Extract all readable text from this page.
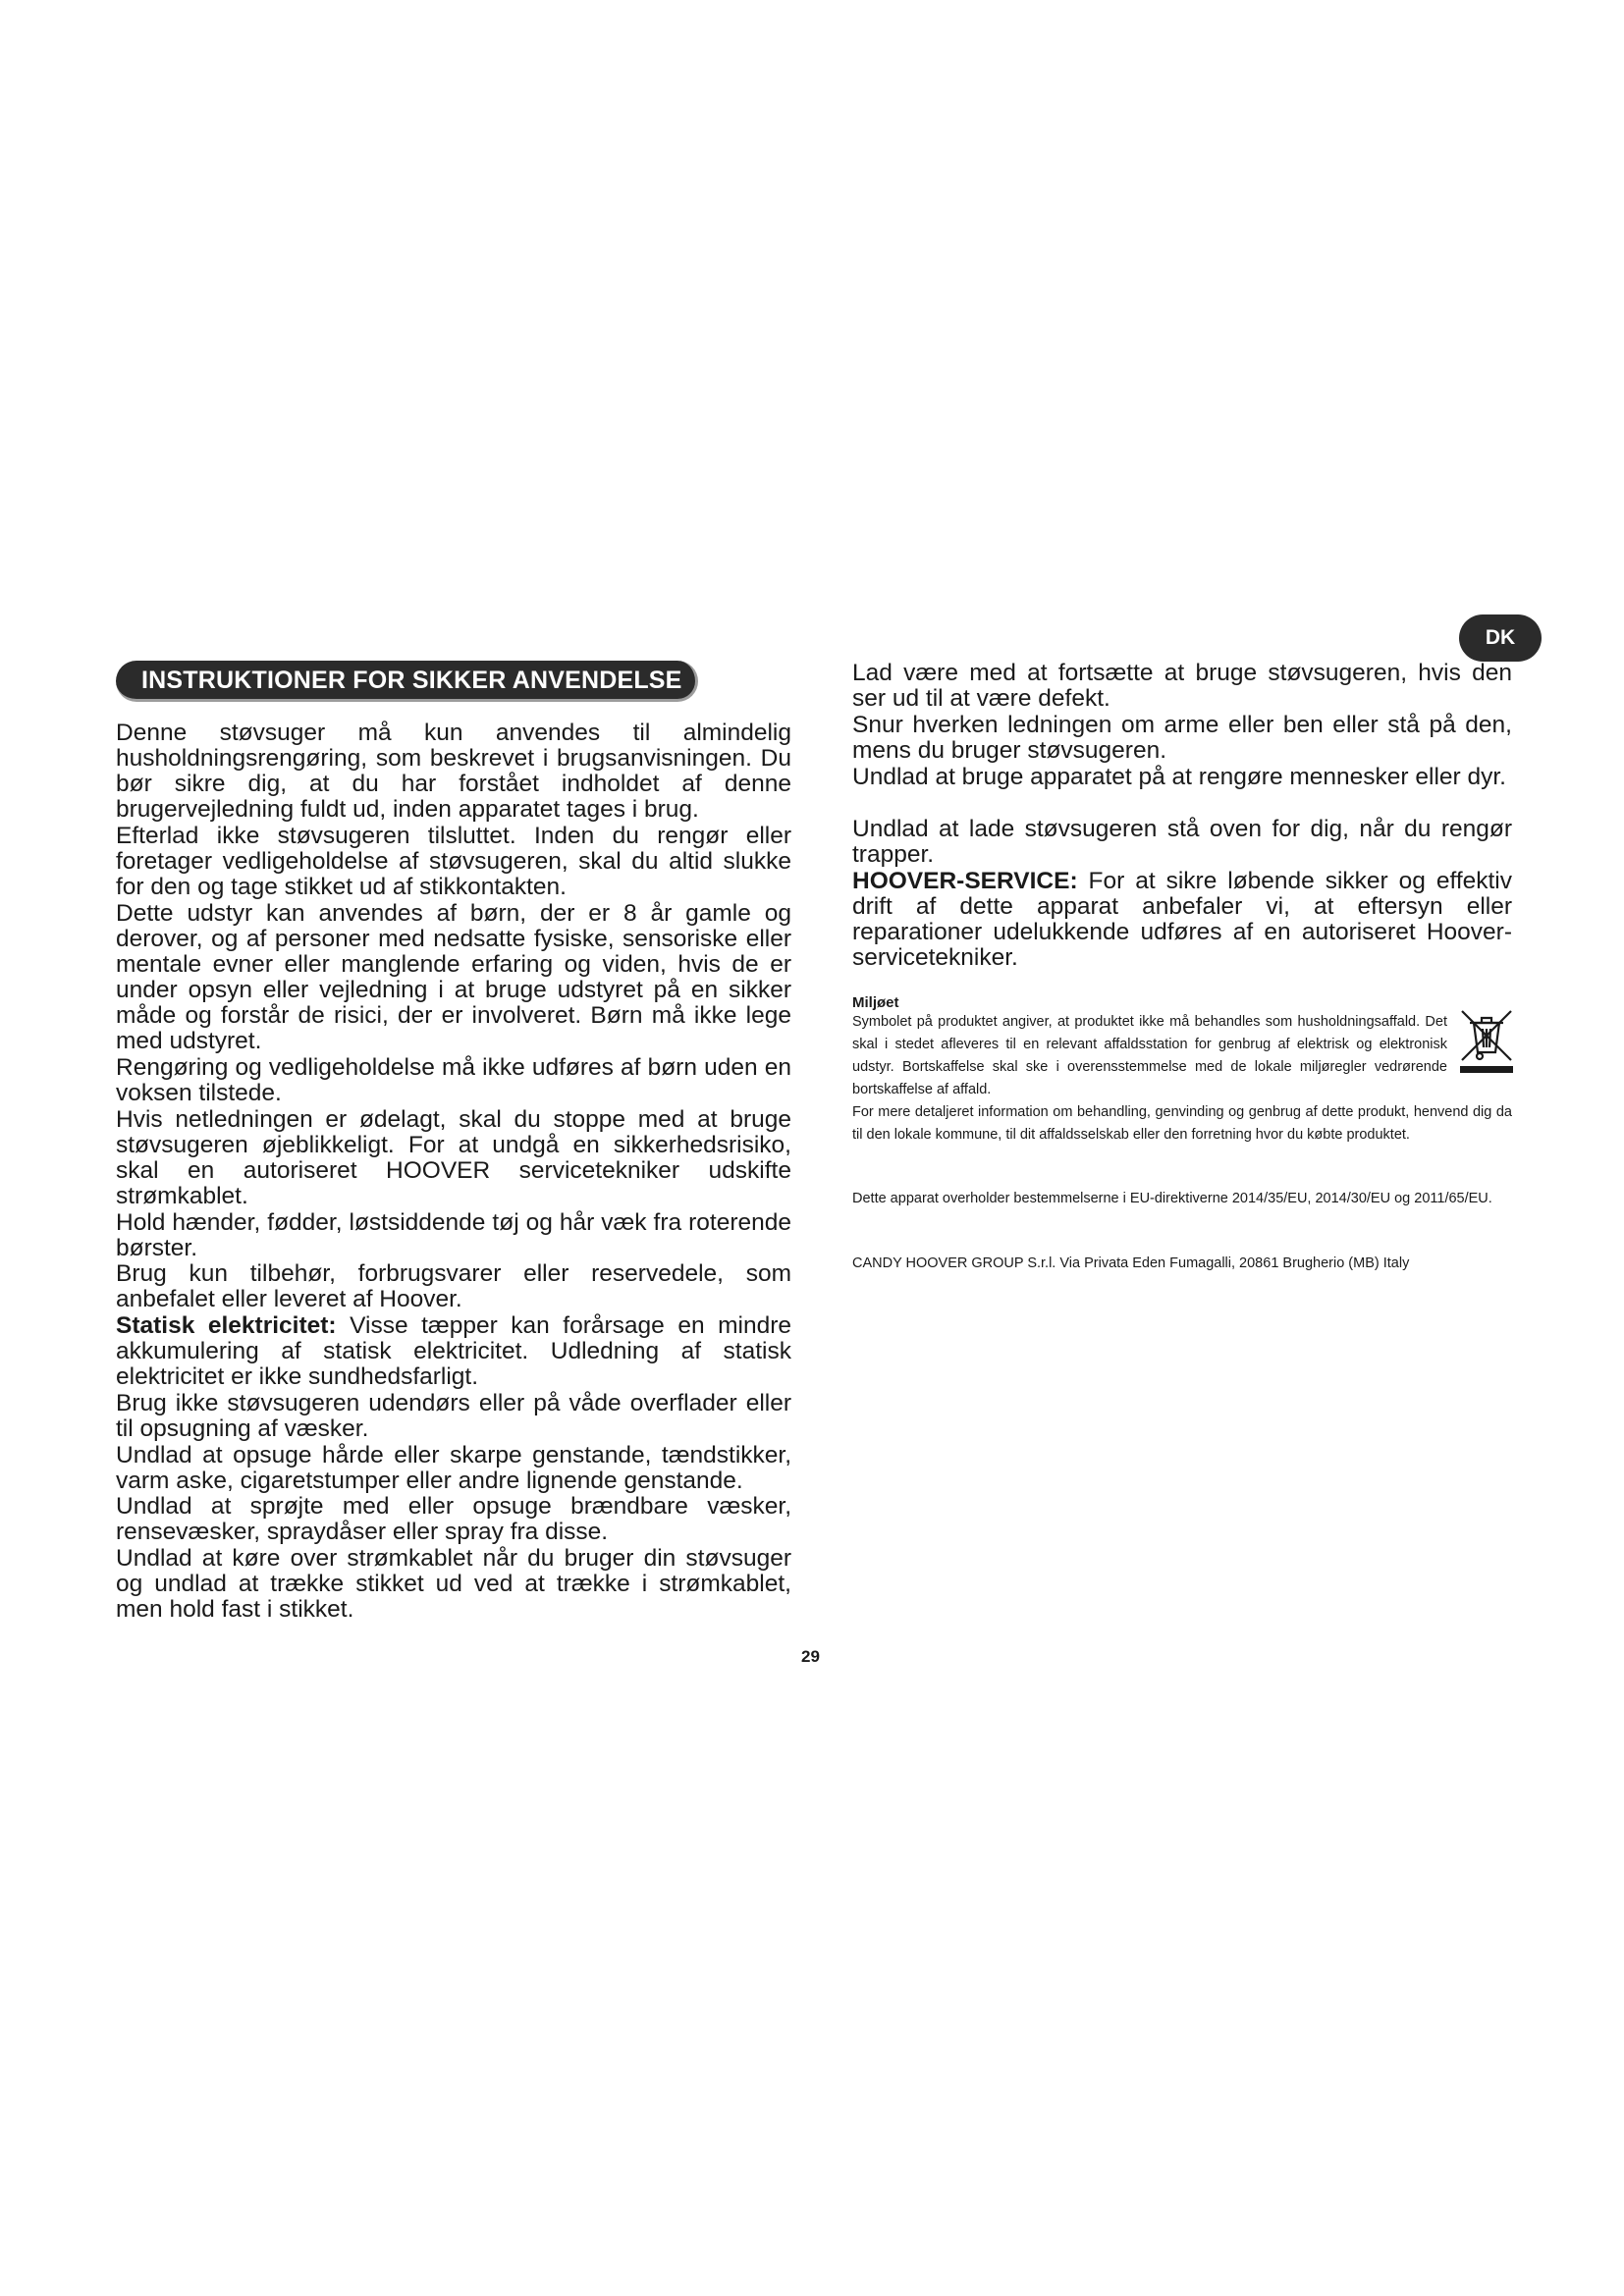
INSTRUKTIONER FOR SIKKER ANVENDELSE
DK

Denne støvsuger må kun anvendes til almindelig husholdningsrengøring, som beskrevet i brugsanvisningen. Du bør sikre dig, at du har forstået indholdet af denne brugervejledning fuldt ud, inden apparatet tages i brug.

Efterlad ikke støvsugeren tilsluttet. Inden du rengør eller foretager vedligeholdelse af støvsugeren, skal du altid slukke for den og tage stikket ud af stikkontakten.

Dette udstyr kan anvendes af børn, der er 8 år gamle og derover, og af personer med nedsatte fysiske, sensoriske eller mentale evner eller manglende erfaring og viden, hvis de er under opsyn eller vejledning i at bruge udstyret på en sikker måde og forstår de risici, der er involveret. Børn må ikke lege med udstyret.

Rengøring og vedligeholdelse må ikke udføres af børn uden en voksen tilstede.

Hvis netledningen er ødelagt, skal du stoppe med at bruge støvsugeren øjeblikkeligt. For at undgå en sikkerhedsrisiko, skal en autoriseret HOOVER servicetekniker udskifte strømkablet.

Hold hænder, fødder, løstsiddende tøj og hår væk fra roterende børster.

Brug kun tilbehør, forbrugsvarer eller reservedele, som anbefalet eller leveret af Hoover.

Statisk elektricitet: Visse tæpper kan forårsage en mindre akkumulering af statisk elektricitet. Udledning af statisk elektricitet er ikke sundhedsfarligt.

Brug ikke støvsugeren udendørs eller på våde overflader eller til opsugning af væsker.

Undlad at opsuge hårde eller skarpe genstande, tændstikker, varm aske, cigaretstumper eller andre lignende genstande.

Undlad at sprøjte med eller opsuge brændbare væsker, rensevæsker, spraydåser eller spray fra disse.

Undlad at køre over strømkablet når du bruger din støvsuger og undlad at trække stikket ud ved at trække i strømkablet, men hold fast i stikket.

Lad være med at fortsætte at bruge støvsugeren, hvis den ser ud til at være defekt.

Snur hverken ledningen om arme eller ben eller stå på den, mens du bruger støvsugeren.

Undlad at bruge apparatet på at rengøre mennesker eller dyr.

Undlad at lade støvsugeren stå oven for dig, når du rengør trapper.

HOOVER-SERVICE: For at sikre løbende sikker og effektiv drift af dette apparat anbefaler vi, at eftersyn eller reparationer udelukkende udføres af en autoriseret Hoover-servicetekniker.

Miljøet

Symbolet på produktet angiver, at produktet ikke må behandles som husholdningsaffald. Det skal i stedet afleveres til en relevant affaldsstation for genbrug af elektrisk og elektronisk udstyr. Bortskaffelse skal ske i overensstemmelse med de lokale miljøregler vedrørende bortskaffelse af affald.

For mere detaljeret information om behandling, genvinding og genbrug af dette produkt, henvend dig da til den lokale kommune, til dit affaldsselskab eller den forretning hvor du købte produktet.

Dette apparat overholder bestemmelserne i EU-direktiverne 2014/35/EU, 2014/30/EU og 2011/65/EU.

CANDY HOOVER GROUP S.r.l. Via Privata Eden Fumagalli, 20861 Brugherio (MB) Italy

29
